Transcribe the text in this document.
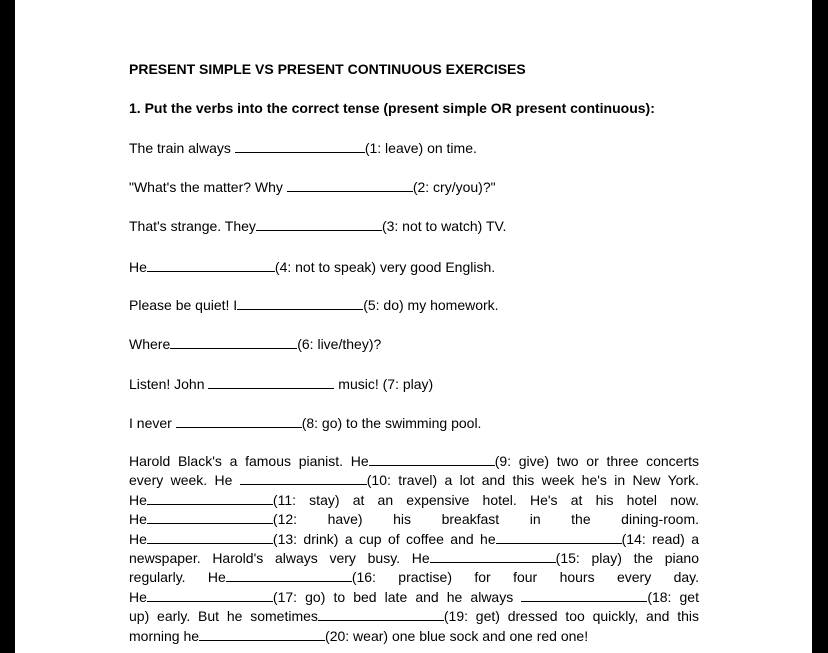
PRESENT SIMPLE VS PRESENT CONTINUOUS EXERCISES
1. Put the verbs into the correct tense (present simple OR present continuous):
The train always	(1: leave) on time.
"What's the matter? Why	(2: cry/you)?"
That's strange. They	(3: not to watch) TV.
He	(4: not to speak) very good English.
Please be quiet! I	(5: do) my homework.
Where	(6: live/they)?
Listen! John	music! (7: play)
I never	(8: go) to the swimming pool.
Harold Black's a famous pianist. He	(9: give) two or three concerts
every week. He	(10: travel) a lot and this week he's in New York.
He	(11: stay) at an expensive hotel. He's at his hotel now.
He	(12: have) his breakfast in the dining-room.
He	(13: drink) a cup of coffee and he	(14: read) a
newspaper. Harold's always very busy. He	(15: play) the piano
regularly. He	(16: practise) for four hours every day.
He	(17: go) to bed late and he always	(18: get
up) early. But he sometimes	(19: get) dressed too quickly, and this
morning he	(20: wear) one blue sock and one red one!
